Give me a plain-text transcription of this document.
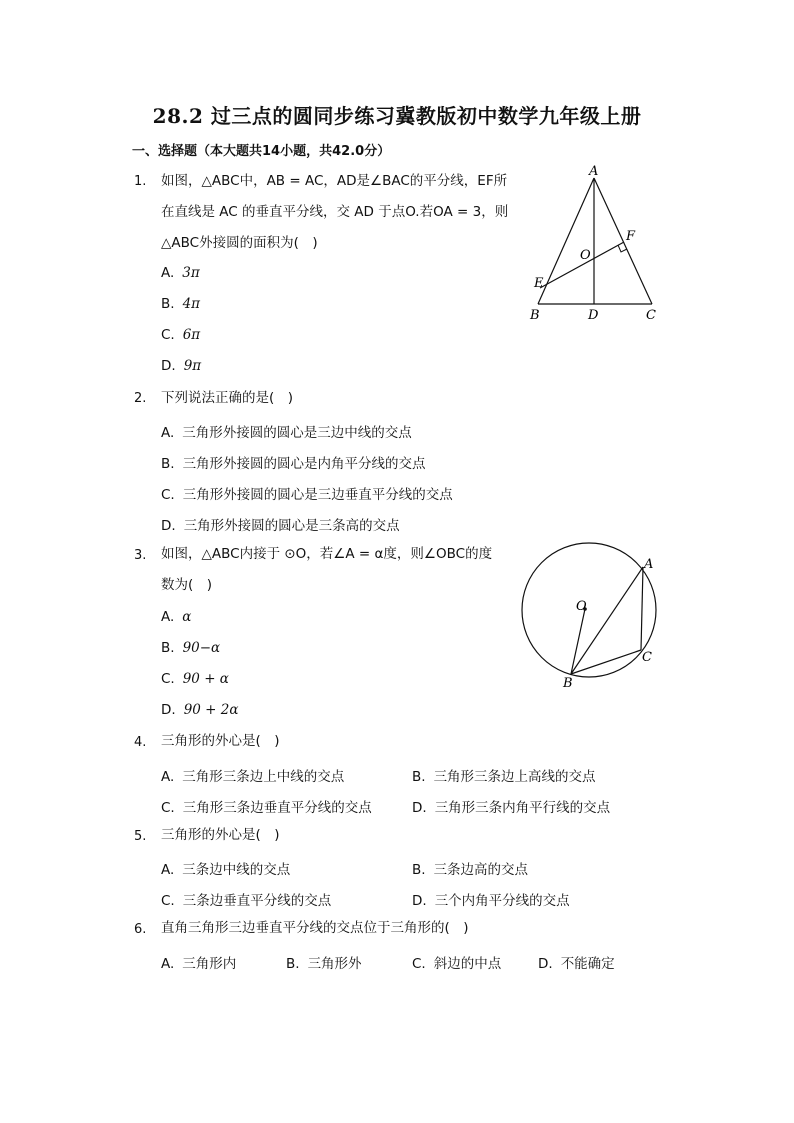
28.2 过三点的圆同步练习冀教版初中数学九年级上册
一、选择题（本大题共14小题，共42.0分）
1. 如图，△ABC中，AB = AC，AD是∠BAC的平分线，EF所
在直线是 AC 的垂直平分线，交 AD 于点O.若OA = 3，则
△ABC外接圆的面积为(　)
A. 3π
B. 4π
C. 6π
D. 9π
A
B	C
D
E
F
O
2. 下列说法正确的是(　)
A. 三角形外接圆的圆心是三边中线的交点
B. 三角形外接圆的圆心是内角平分线的交点
C. 三角形外接圆的圆心是三边垂直平分线的交点
D. 三角形外接圆的圆心是三条高的交点
3. 如图，△ABC内接于 ⊙O，若∠A = α度，则∠OBC的度
数为(　)
A. α
B. 90−α
C. 90 + α
D. 90 + 2α
O
A
C
B
4. 三角形的外心是(　)
A. 三角形三条边上中线的交点	B. 三角形三条边上高线的交点
C. 三角形三条边垂直平分线的交点	D. 三角形三条内角平行线的交点
5. 三角形的外心是(　)
A. 三条边中线的交点	B. 三条边高的交点
C. 三条边垂直平分线的交点	D. 三个内角平分线的交点
6. 直角三角形三边垂直平分线的交点位于三角形的(　)
A. 三角形内	B. 三角形外	C. 斜边的中点	D. 不能确定
